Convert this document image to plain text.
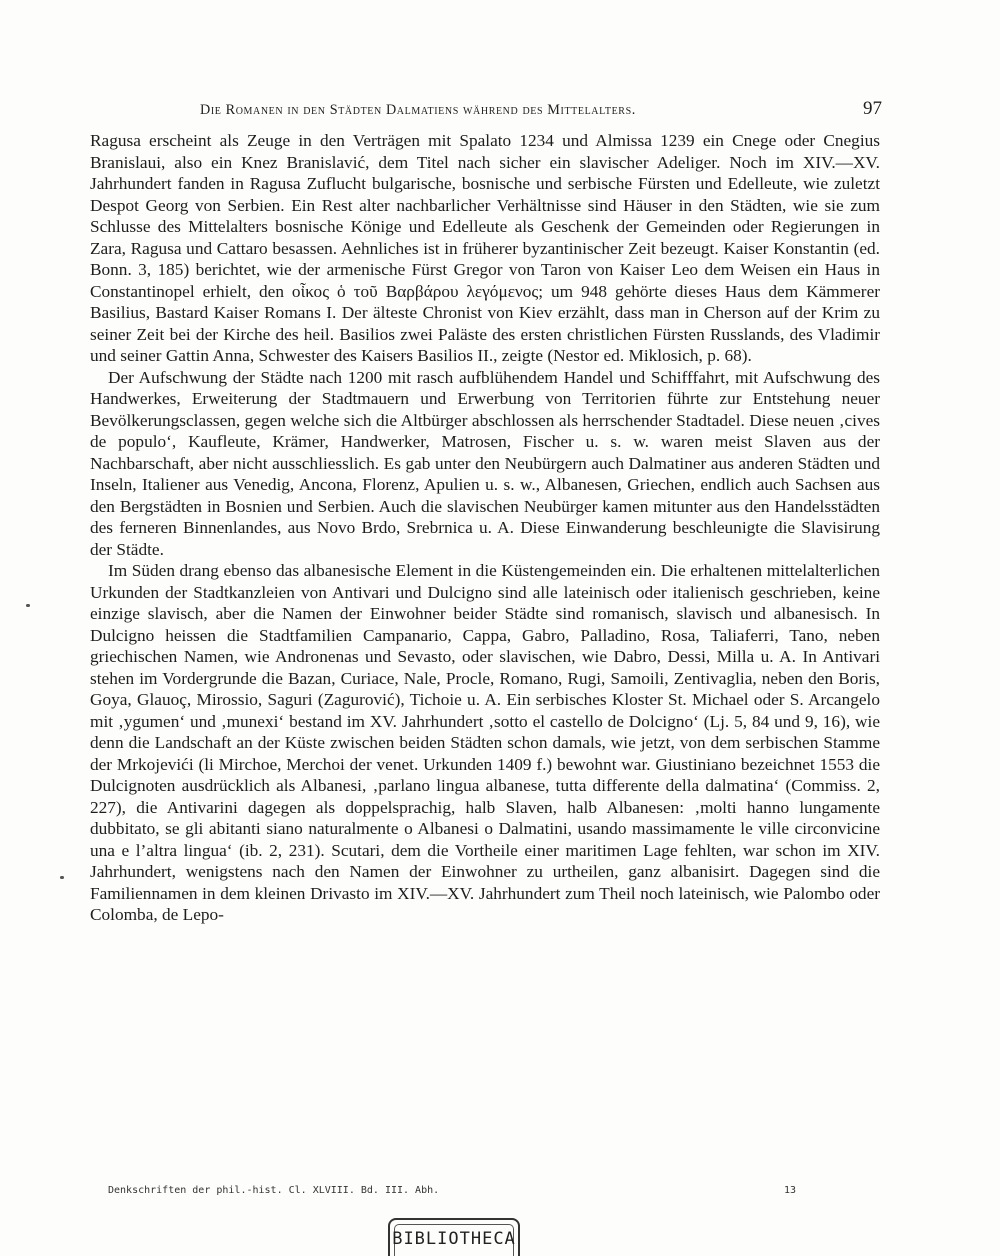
Die Romanen in den Städten Dalmatiens während des Mittelalters.	97

Ragusa erscheint als Zeuge in den Verträgen mit Spalato 1234 und Almissa 1239 ein Cnege oder Cnegius Branislaui, also ein Knez Branislavić, dem Titel nach sicher ein slavischer Adeliger. Noch im XIV.—XV. Jahrhundert fanden in Ragusa Zuflucht bulgarische, bosnische und serbische Fürsten und Edelleute, wie zuletzt Despot Georg von Serbien. Ein Rest alter nachbarlicher Verhältnisse sind Häuser in den Städten, wie sie zum Schlusse des Mittelalters bosnische Könige und Edelleute als Geschenk der Gemeinden oder Regierungen in Zara, Ragusa und Cattaro besassen. Aehnliches ist in früherer byzantinischer Zeit bezeugt. Kaiser Konstantin (ed. Bonn. 3, 185) berichtet, wie der armenische Fürst Gregor von Taron von Kaiser Leo dem Weisen ein Haus in Constantinopel erhielt, den οἶκος ὁ τοῦ Βαρβάρου λεγόμενος; um 948 gehörte dieses Haus dem Kämmerer Basilius, Bastard Kaiser Romans I. Der älteste Chronist von Kiev erzählt, dass man in Cherson auf der Krim zu seiner Zeit bei der Kirche des heil. Basilios zwei Paläste des ersten christlichen Fürsten Russlands, des Vladimir und seiner Gattin Anna, Schwester des Kaisers Basilios II., zeigte (Nestor ed. Miklosich, p. 68).

Der Aufschwung der Städte nach 1200 mit rasch aufblühendem Handel und Schifffahrt, mit Aufschwung des Handwerkes, Erweiterung der Stadtmauern und Erwerbung von Territorien führte zur Entstehung neuer Bevölkerungsclassen, gegen welche sich die Altbürger abschlossen als herrschender Stadtadel. Diese neuen ‚cives de populo‘, Kaufleute, Krämer, Handwerker, Matrosen, Fischer u. s. w. waren meist Slaven aus der Nachbarschaft, aber nicht ausschliesslich. Es gab unter den Neubürgern auch Dalmatiner aus anderen Städten und Inseln, Italiener aus Venedig, Ancona, Florenz, Apulien u. s. w., Albanesen, Griechen, endlich auch Sachsen aus den Bergstädten in Bosnien und Serbien. Auch die slavischen Neubürger kamen mitunter aus den Handelsstädten des ferneren Binnenlandes, aus Novo Brdo, Srebrnica u. A. Diese Einwanderung beschleunigte die Slavisirung der Städte.

Im Süden drang ebenso das albanesische Element in die Küstengemeinden ein. Die erhaltenen mittelalterlichen Urkunden der Stadtkanzleien von Antivari und Dulcigno sind alle lateinisch oder italienisch geschrieben, keine einzige slavisch, aber die Namen der Einwohner beider Städte sind romanisch, slavisch und albanesisch. In Dulcigno heissen die Stadtfamilien Campanario, Cappa, Gabro, Palladino, Rosa, Taliaferri, Tano, neben griechischen Namen, wie Andronenas und Sevasto, oder slavischen, wie Dabro, Dessi, Milla u. A. In Antivari stehen im Vordergrunde die Bazan, Curiace, Nale, Procle, Romano, Rugi, Samoili, Zentivaglia, neben den Boris, Goya, Glauoç, Mirossio, Saguri (Zagurović), Tichoie u. A. Ein serbisches Kloster St. Michael oder S. Arcangelo mit ‚ygumen‘ und ‚munexi‘ bestand im XV. Jahrhundert ‚sotto el castello de Dolcigno‘ (Lj. 5, 84 und 9, 16), wie denn die Landschaft an der Küste zwischen beiden Städten schon damals, wie jetzt, von dem serbischen Stamme der Mrkojevići (li Mirchoe, Merchoi der venet. Urkunden 1409 f.) bewohnt war. Giustiniano bezeichnet 1553 die Dulcignoten ausdrücklich als Albanesi, ‚parlano lingua albanese, tutta differente della dalmatina‘ (Commiss. 2, 227), die Antivarini dagegen als doppelsprachig, halb Slaven, halb Albanesen: ‚molti hanno lungamente dubbitato, se gli abitanti siano naturalmente o Albanesi o Dalmatini, usando massimamente le ville circonvicine una e l’altra lingua‘ (ib. 2, 231). Scutari, dem die Vortheile einer maritimen Lage fehlten, war schon im XIV. Jahrhundert, wenigstens nach den Namen der Einwohner zu urtheilen, ganz albanisirt. Dagegen sind die Familiennamen in dem kleinen Drivasto im XIV.—XV. Jahrhundert zum Theil noch lateinisch, wie Palombo oder Colomba, de Lepo-

Denkschriften der phil.-hist. Cl. XLVIII. Bd. III. Abh.	13
BIBLIOTHECA
